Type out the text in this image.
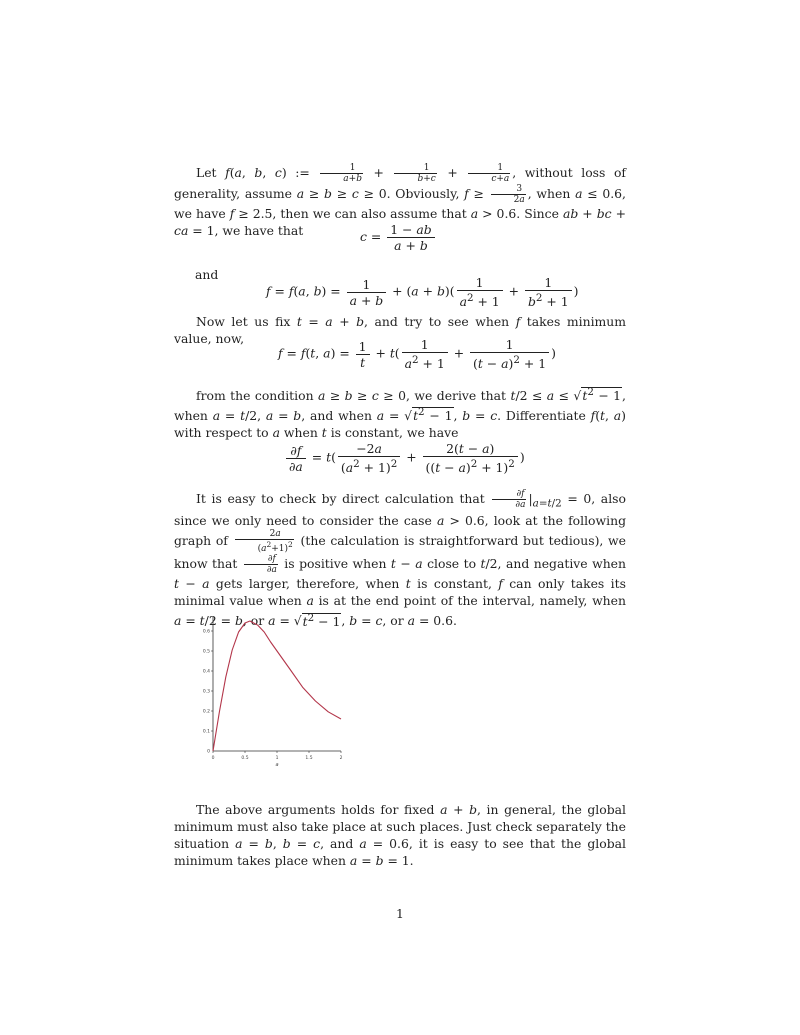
Let f(a, b, c) := $\frac{1}{a+b} + \frac{1}{b+c} + \frac{1}{c+a}$ , without loss of generality, assume a ≥ b ≥ c ≥ 0. Obviously, $f \ge \frac{3}{2a}$ , when a ≤ 0.6, we have f ≥ 2.5, then we can also assume that a > 0.6. Since ab + bc + ca = 1, we have that	$c = \frac{1 - ab}{a + b}$
and
f = f(a, $b) = \frac{1}{a + b} + (a + b)( \frac{1}{a^2 + 1} + \frac{1}{b^2 + 1}$ )
Now let us fix t = a + b, and try to see when f takes minimum value, now,
f = f(t, $a) = \frac{1}{t} + t( \frac{1}{a^2 + 1} + \frac{1}{(t - a)^2 + 1}$ )
from the condition a ≥ b ≥ c ≥ 0, we derive that $t/2 \le a \le √t^2 - 1$, when a = t/2, a = b, and when $a = √t^2 - 1$, b = c. Differentiate f(t, a) with respect to a when t is constant, we have
$\frac{\partial f}{\partial a} = t( \frac{-2a}{(a^2 + 1)^2} + \frac{2(t - a)}{((t - a)^2 + 1)^2}$ )
It is easy to check by direct calculation that $\frac{\partial f}{\partial a} |_{a=t/2} = 0$, also since we only need to consider the case a > 0.6, look at the following graph of $\frac{2a}{(a^2+1)^2} (the$ calculation is straightforward but tedious), we know that $\frac{\partial f}{\partial a}$ is positive when t − a close to t/2, and negative when t − a gets larger, therefore, when t is constant, f can only takes its minimal value when a is at the end point of the interval, namely, when a = t/2 = b, or $a = √t^2 - 1$, b = c, or a = 0.6.
0	0.5	1	1.5	2
0.1
0.2
0.3
0.4
0.5
0.6
0
a
The above arguments holds for fixed a + b, in general, the global minimum must also take place at such places. Just check separately the situation a = b, b = c, and a = 0.6, it is easy to see that the global minimum takes place when a = b = 1.
1
